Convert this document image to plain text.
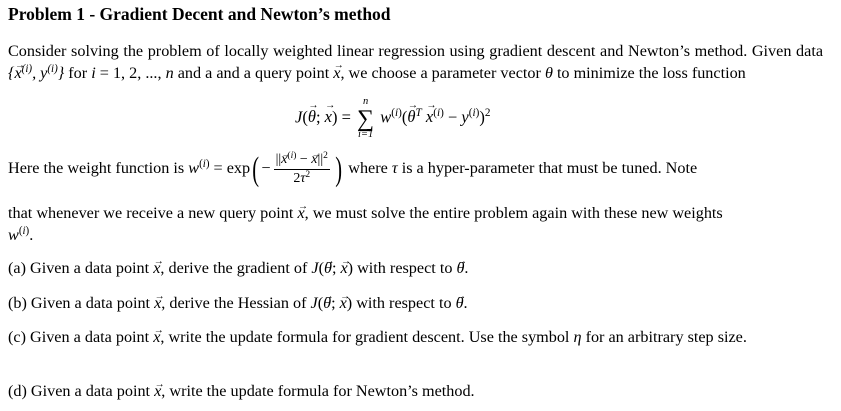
Problem 1 - Gradient Decent and Newton’s method
Consider solving the problem of locally weighted linear regression using gradient descent and Newton’s method. Given data {→ $x^{(i)}$, $y^{(i)}$} for i = 1, 2, ..., n and a and a query point → x, we choose a parameter vector θ to minimize the loss function
J(→ θ; → x) =
n
∑
i=1
$w^{(i)}(\to \theta^T \to x^{(i)} - y^{(i)})^2$
Here the weight function is $w^{(i)} = \exp( - \frac{||\to x^{(i)} - \to x||^2}{2\tau^2}$ ) where τ is a hyper-parameter that must be tuned. Note
that whenever we receive a new query point → x, we must solve the entire problem again with these new weights
$w^{(i)}$.
(a) Given a data point → x, derive the gradient of J(→ θ; → x) with respect to → θ.
(b) Given a data point → x, derive the Hessian of J(→ θ; → x) with respect to → θ.
(c) Given a data point → x, write the update formula for gradient descent. Use the symbol η for an arbitrary step size.
(d) Given a data point → x, write the update formula for Newton’s method.
